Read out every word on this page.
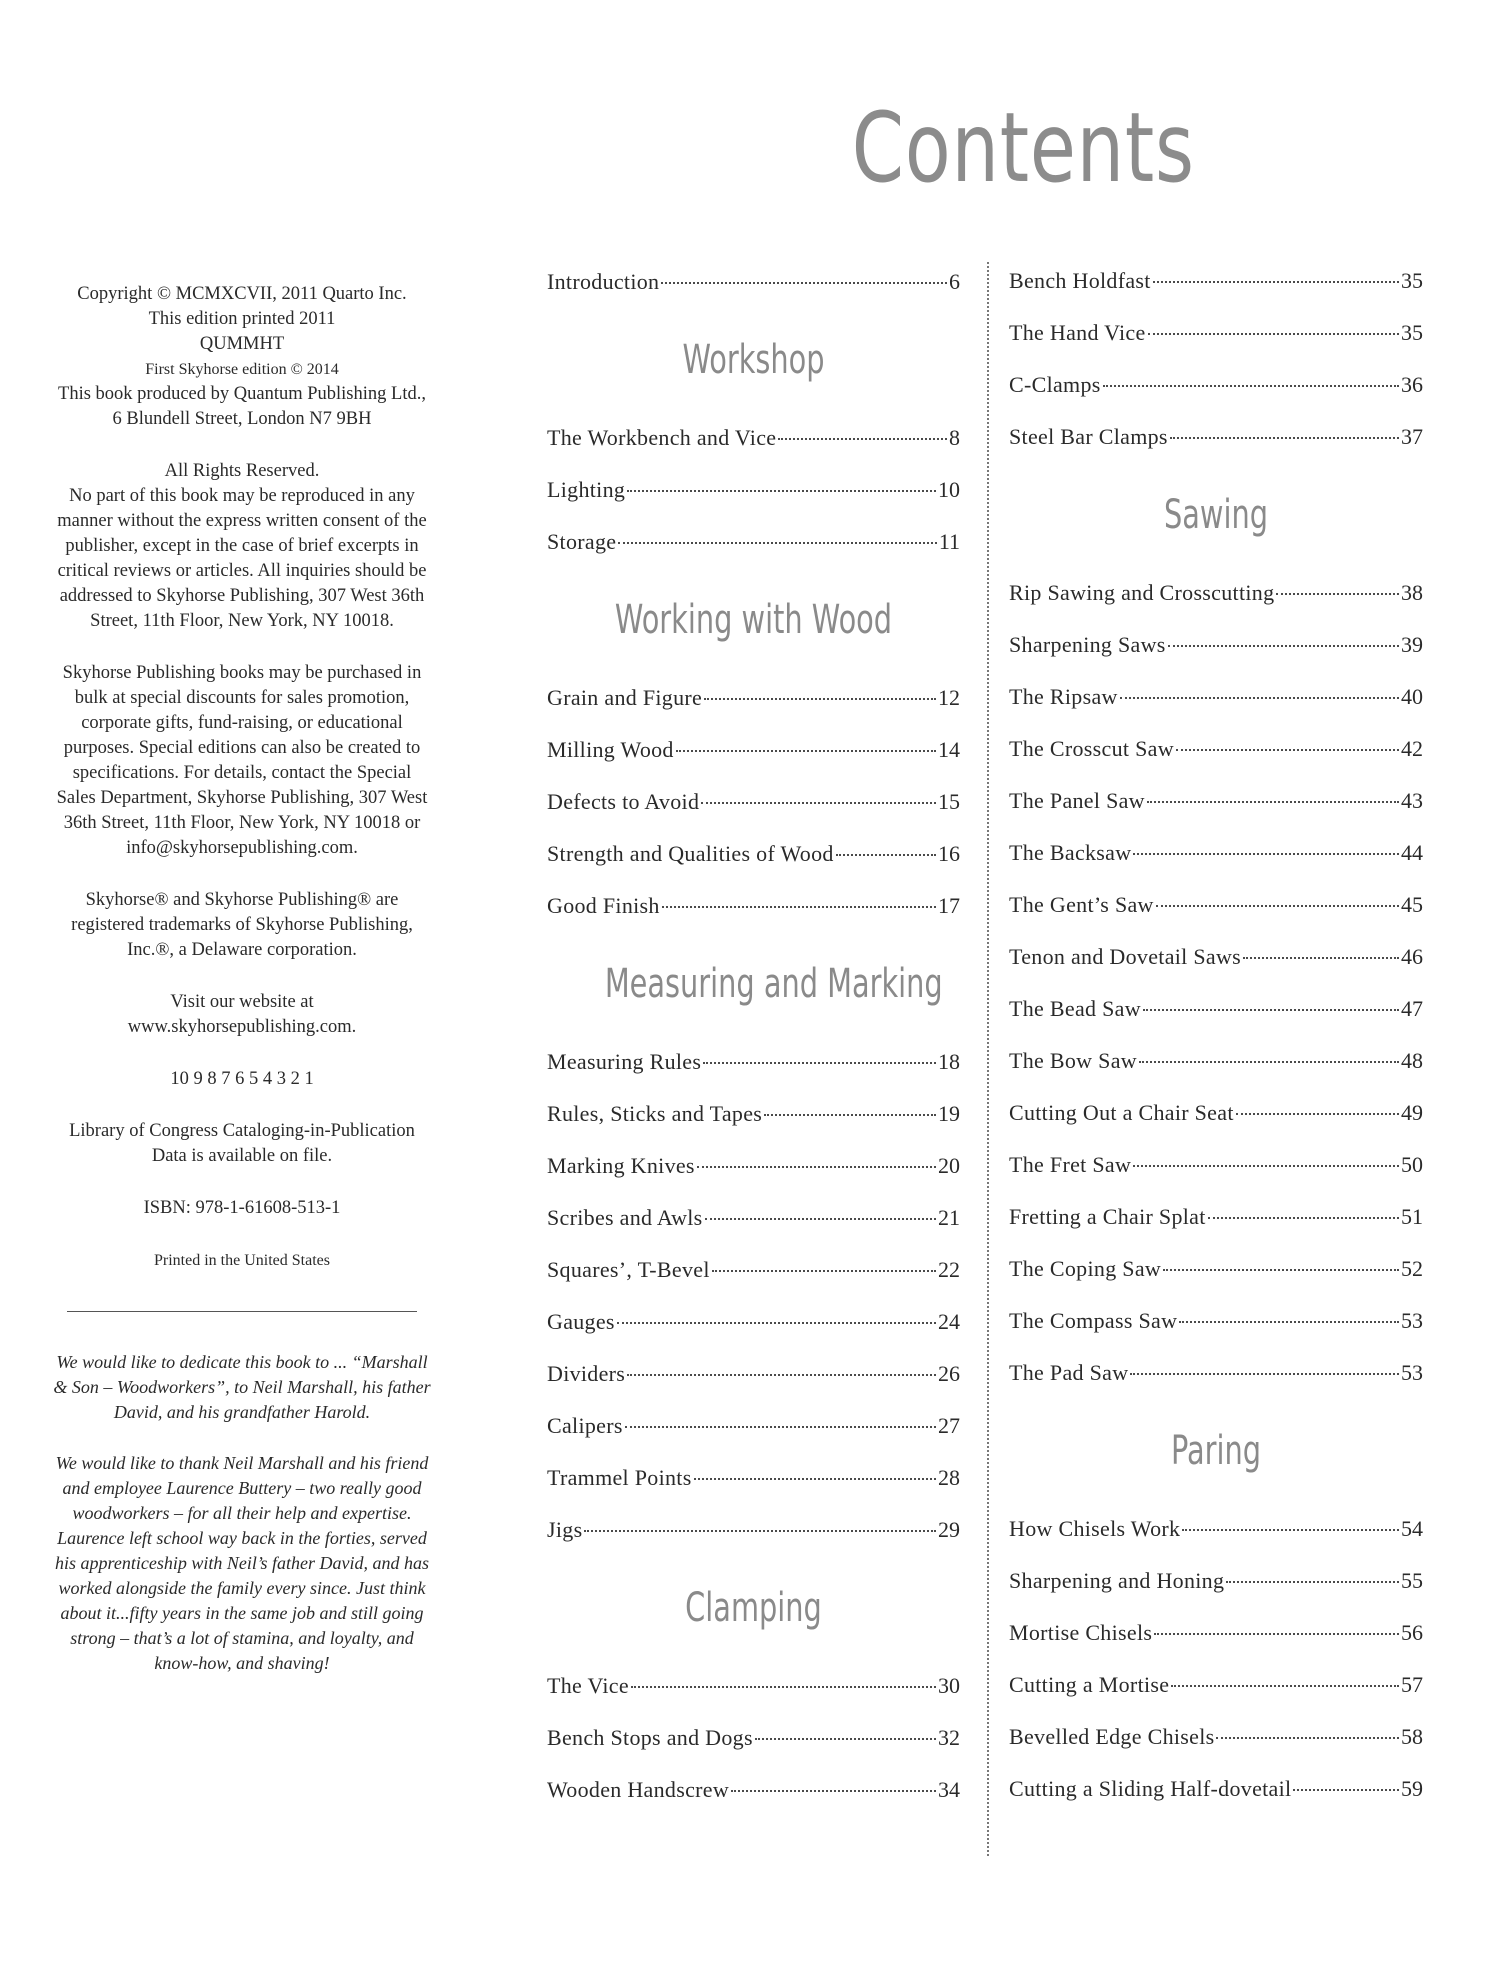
Contents

Copyright © MCMXCVII, 2011 Quarto Inc.

This edition printed 2011

QUMMHT

First Skyhorse edition © 2014

This book produced by Quantum Publishing Ltd.,

6 Blundell Street, London N7 9BH

All Rights Reserved.

No part of this book may be reproduced in any manner without the express written consent of the publisher, except in the case of brief excerpts in critical reviews or articles. All inquiries should be addressed to Skyhorse Publishing, 307 West 36th Street, 11th Floor, New York, NY 10018.

Skyhorse Publishing books may be purchased in bulk at special discounts for sales promotion, corporate gifts, fund-raising, or educational purposes. Special editions can also be created to specifications. For details, contact the Special Sales Department, Skyhorse Publishing, 307 West 36th Street, 11th Floor, New York, NY 10018 or info@skyhorsepublishing.com.

Skyhorse® and Skyhorse Publishing® are registered trademarks of Skyhorse Publishing, Inc.®, a Delaware corporation.

Visit our website at

www.skyhorsepublishing.com.

10 9 8 7 6 5 4 3 2 1

Library of Congress Cataloging-in-Publication Data is available on file.

ISBN: 978-1-61608-513-1

Printed in the United States

We would like to dedicate this book to ... “Marshall & Son – Woodworkers”, to Neil Marshall, his father David, and his grandfather Harold.

We would like to thank Neil Marshall and his friend and employee Laurence Buttery – two really good woodworkers – for all their help and expertise. Laurence left school way back in the forties, served his apprenticeship with Neil’s father David, and has worked alongside the family every since. Just think about it...fifty years in the same job and still going strong – that’s a lot of stamina, and loyalty, and know-how, and shaving!

Introduction	6
Workshop
The Workbench and Vice	8
Lighting	10
Storage	11
Working with Wood
Grain and Figure	12
Milling Wood	14
Defects to Avoid	15
Strength and Qualities of Wood	16
Good Finish	17
Measuring and Marking
Measuring Rules	18
Rules, Sticks and Tapes	19
Marking Knives	20
Scribes and Awls	21
Squares’, T-Bevel	22
Gauges	24
Dividers	26
Calipers	27
Trammel Points	28
Jigs	29
Clamping
The Vice	30
Bench Stops and Dogs	32
Wooden Handscrew	34
Bench Holdfast	35
The Hand Vice	35
C-Clamps	36
Steel Bar Clamps	37
Sawing
Rip Sawing and Crosscutting	38
Sharpening Saws	39
The Ripsaw	40
The Crosscut Saw	42
The Panel Saw	43
The Backsaw	44
The Gent’s Saw	45
Tenon and Dovetail Saws	46
The Bead Saw	47
The Bow Saw	48
Cutting Out a Chair Seat	49
The Fret Saw	50
Fretting a Chair Splat	51
The Coping Saw	52
The Compass Saw	53
The Pad Saw	53
Paring
How Chisels Work	54
Sharpening and Honing	55
Mortise Chisels	56
Cutting a Mortise	57
Bevelled Edge Chisels	58
Cutting a Sliding Half-dovetail	59
